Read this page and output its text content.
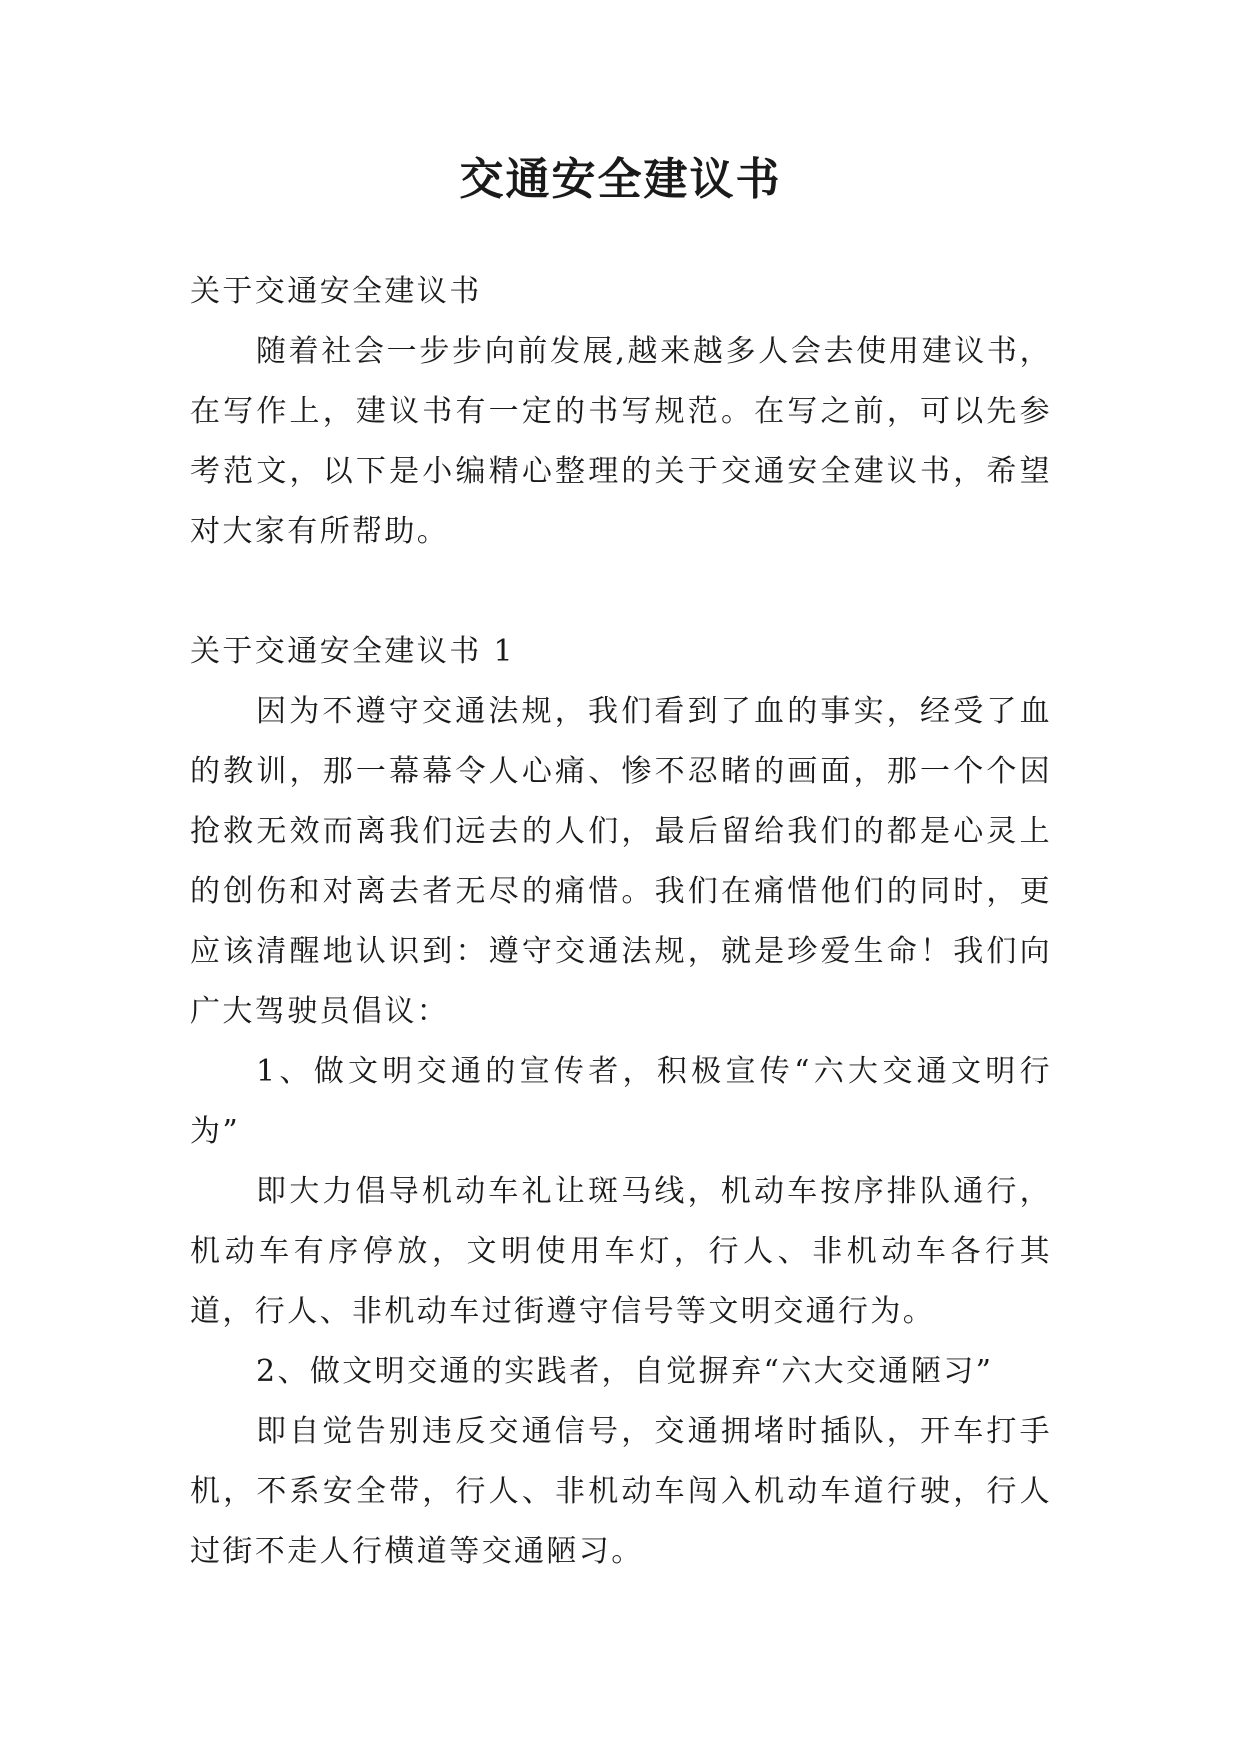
交通安全建议书

关于交通安全建议书

随着社会一步步向前发展,越来越多人会去使用建议书，在写作上，建议书有一定的书写规范。在写之前，可以先参考范文，以下是小编精心整理的关于交通安全建议书，希望对大家有所帮助。

关于交通安全建议书 1

因为不遵守交通法规，我们看到了血的事实，经受了血的教训，那一幕幕令人心痛、惨不忍睹的画面，那一个个因抢救无效而离我们远去的人们，最后留给我们的都是心灵上的创伤和对离去者无尽的痛惜。我们在痛惜他们的同时，更应该清醒地认识到：遵守交通法规，就是珍爱生命！我们向广大驾驶员倡议：

1、做文明交通的宣传者，积极宣传“六大交通文明行为”

即大力倡导机动车礼让斑马线，机动车按序排队通行，机动车有序停放，文明使用车灯，行人、非机动车各行其道，行人、非机动车过街遵守信号等文明交通行为。

2、做文明交通的实践者，自觉摒弃“六大交通陋习”

即自觉告别违反交通信号，交通拥堵时插队，开车打手机，不系安全带，行人、非机动车闯入机动车道行驶，行人过街不走人行横道等交通陋习。
